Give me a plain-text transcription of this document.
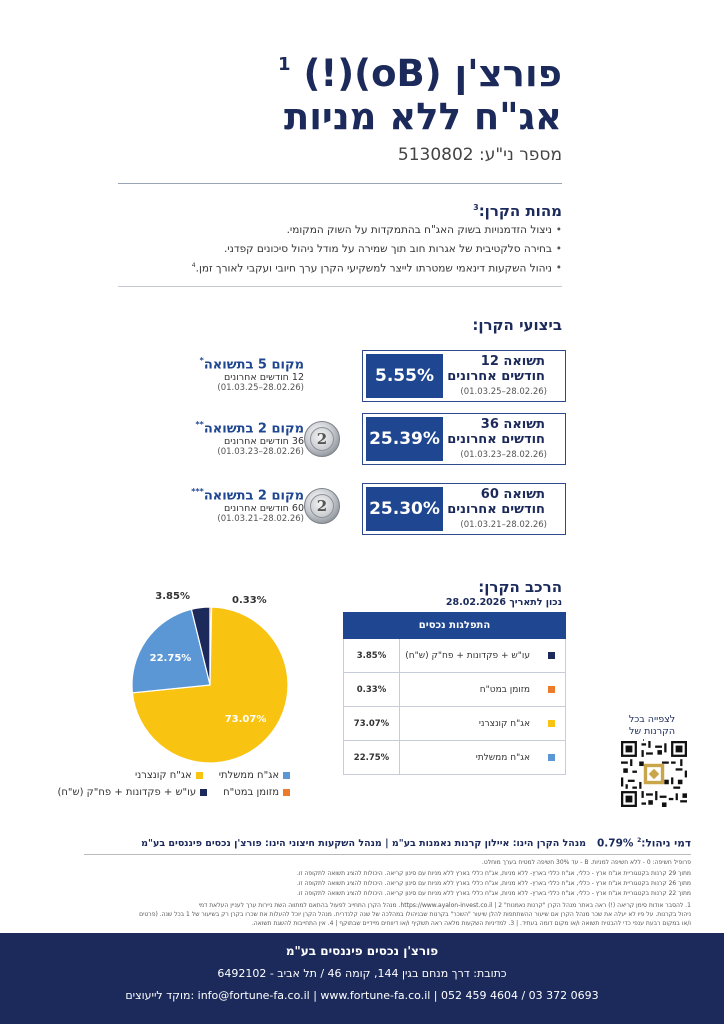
פורצ'ן (oB)(!) $^1$
אג"ח ללא מניות
מספר ני"ע: 5130802
מהות הקרן:$^3$
• ניצול הזדמנויות בשוק האג"ח בהתמקדות על השוק המקומי.
• בחירה סלקטיבית של אגרות חוב תוך שמירה על מודל ניהול סיכונים קפדני.
• ניהול השקעות דינאמי שמטרתו לייצר למשקיעי הקרן ערך חיובי ועקבי לאורך זמן.$^4$
ביצועי הקרן:
5.55%
תשואה 12
חודשים אחרונים
(01.03.25–28.02.26)
מקום 5 בתשואה*
12 חודשים אחרונים
(01.03.25–28.02.26)
25.39%
תשואה 36
חודשים אחרונים
(01.03.23–28.02.26)
2
מקום 2 בתשואה**
36 חודשים אחרונים
(01.03.23–28.02.26)
25.30%
תשואה 60
חודשים אחרונים
(01.03.21–28.02.26)
2
מקום 2 בתשואה***
60 חודשים אחרונים
(01.03.21–28.02.26)
הרכב הקרן:
נכון לתאריך 28.02.2026
התפלגות נכסים
עו"ש + פקדונות + פח"ק (ש"ח)
3.85%
מזומן במט"ח
0.33%
אג"ח קונצרני
73.07%
אג"ח ממשלתי
22.75%
3.85%	0.33%
73.07%
22.75%
אג"ח ממשלתי
אג"ח קונצרני
מזומן במט"ח
עו"ש + פקדונות + פח"ק (ש"ח)
לצפייה בכל
הקרנות של
דמי ניהול:$^2$ 0.79%
מנהל הקרן הינו: איילון קרנות נאמנות בע"מ | מנהל השקעות חיצוני הינו: פורצ'ן נכסים פיננסים בע"מ
פרופיל חשיפה: 0 - ללא חשיפה למניות. B - עד 30% חשיפה למטיח בערך מוחלט.
מתוך 29 קרנות בקטגוריית אג"ח ארץ - כללי, אג"ח כללי בארץ- ללא מניות, אג"ח כללי בארץ ללא מניות עם סינון קריאה. היכולות להציג תשואה לתקופה זו.
מתוך 26 קרנות בקטגוריית אג"ח ארץ - כללי, אג"ח כללי בארץ- ללא מניות, אג"ח כללי בארץ ללא מניות עם סינון קריאה. היכולות להציג תשואה לתקופה זו.
מתוך 22 קרנות בקטגוריית אג"ח ארץ - כללי, אג"ח כללי בארץ- ללא מניות, אג"ח כללי בארץ ללא מניות עם סינון קריאה. היכולות להציג תשואה לתקופה זו.
1. להסבר אודות סימן קריאה (!) ראה באתר מנהל הקרן "קרנות נאמנות" https://www.ayalon-invest.co.il | 2. מנהל הקרן התחייב לפעול בהתאם למתווה השת ניירות ערך לעניין העלאת דמי
ניהול בקרנות. על פיו לא יעלה את שכר מנהל הקרן אם שיעור ההשתתפות להלן שיעור "השכר" בקרנות שבניהולו במהלכה של שנה קלנדרית. מנהל הקרן יוכל להעלות את שכרו בקרן רק בשיעור של 1 בכל שנה. (פרטים
ו/או במקום רבעת ענפי כדי להבטיח תשואה ו/או מקום דומה בעתיד. | 3. למדיניות השקעות מלאה ראה תשקיף ו/או דיווחים מיידיים שבתוקף | 4. אין התחייבות להשגת תשואה.
פורצ'ן נכסים פיננסים בע"מ
כתובת: דרך מנחם בגין 144, קומה 46 / תל אביב - 6492102
info@fortune-fa.co.il | www.fortune-fa.co.il | 052 459 4604 / 03 372 0693 :מוקד לייעוצים
